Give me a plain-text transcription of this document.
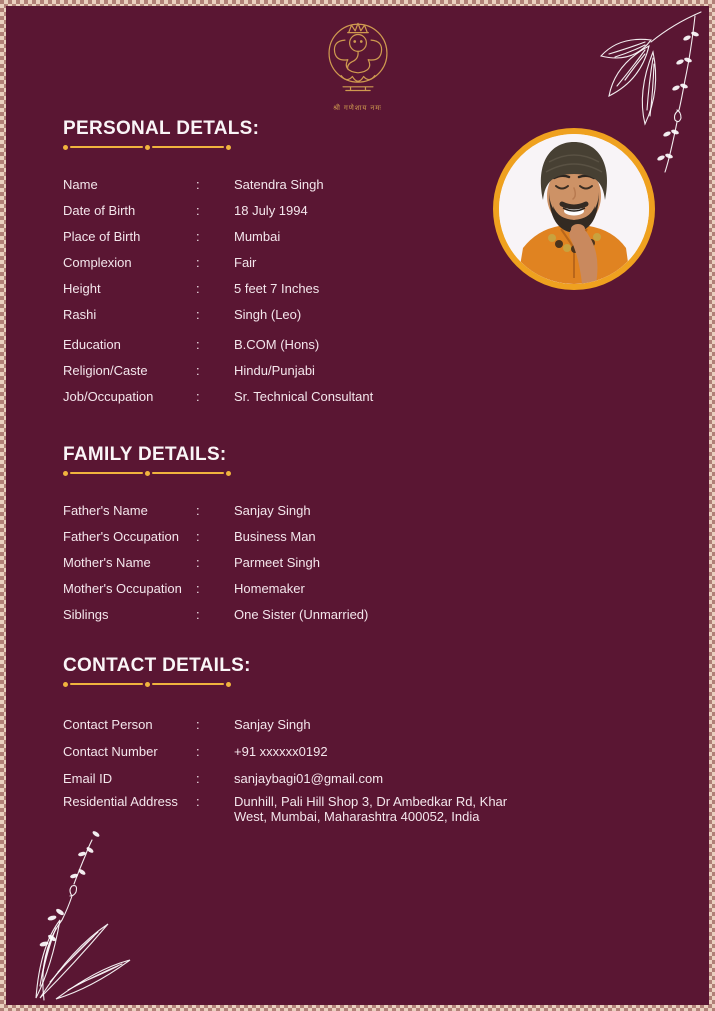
श्री गणेशाय नमः
PERSONAL DETALS:
Name	:	Satendra Singh
Date of Birth	:	18 July 1994
Place of Birth	:	Mumbai
Complexion	:	Fair
Height	:	5 feet 7 Inches
Rashi	:	Singh (Leo)
Education	:	B.COM (Hons)
Religion/Caste	:	Hindu/Punjabi
Job/Occupation	:	Sr. Technical Consultant
FAMILY DETAILS:
Father's Name	:	Sanjay Singh
Father's Occupation	:	Business Man
Mother's Name	:	Parmeet Singh
Mother's Occupation	:	Homemaker
Siblings	:	One Sister (Unmarried)
CONTACT DETAILS:
Contact Person	:	Sanjay Singh
Contact Number	:	+91 xxxxxx0192
Email ID	:	sanjaybagi01@gmail.com
Residential Address	:	Dunhill, Pali Hill Shop 3, Dr Ambedkar Rd, Khar West, Mumbai, Maharashtra 400052, India
